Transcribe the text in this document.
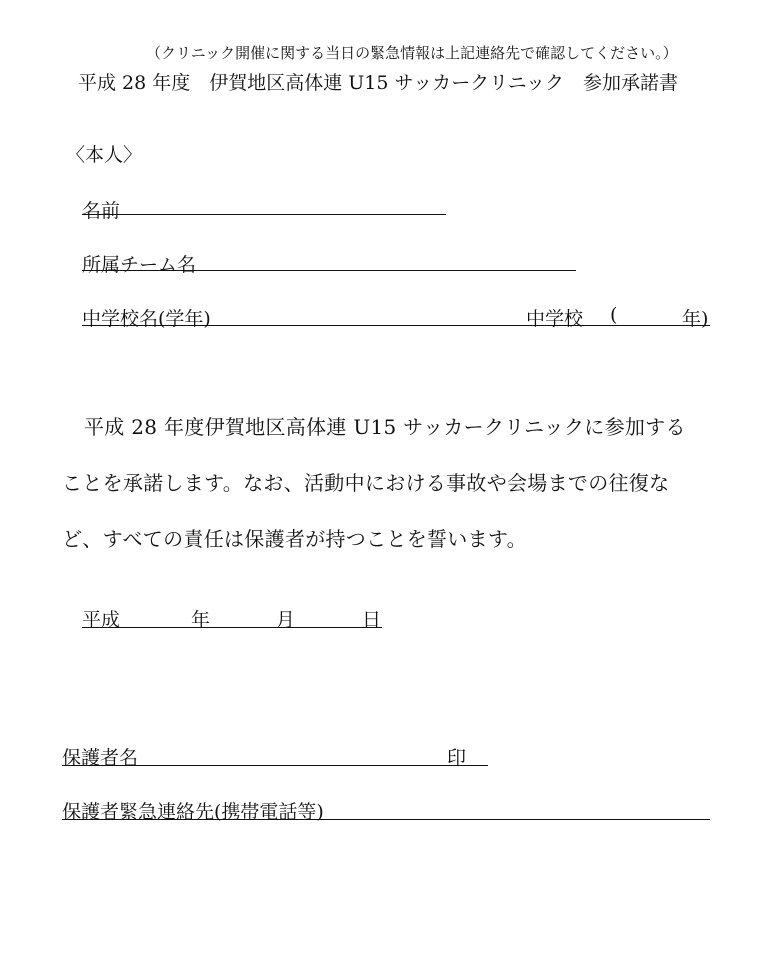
（クリニック開催に関する当日の緊急情報は上記連絡先で確認してください。）
平成 28 年度　伊賀地区高体連 U15 サッカークリニック　参加承諾書
〈本人〉
名前
所属チーム名
中学校名(学年)	中学校 (	年)
平成 28 年度伊賀地区高体連 U15 サッカークリニックに参加する
ことを承諾します。なお、活動中における事故や会場までの往復な
ど、すべての責任は保護者が持つことを誓います。
平成	年	月	日
保護者名	印
保護者緊急連絡先(携帯電話等)
